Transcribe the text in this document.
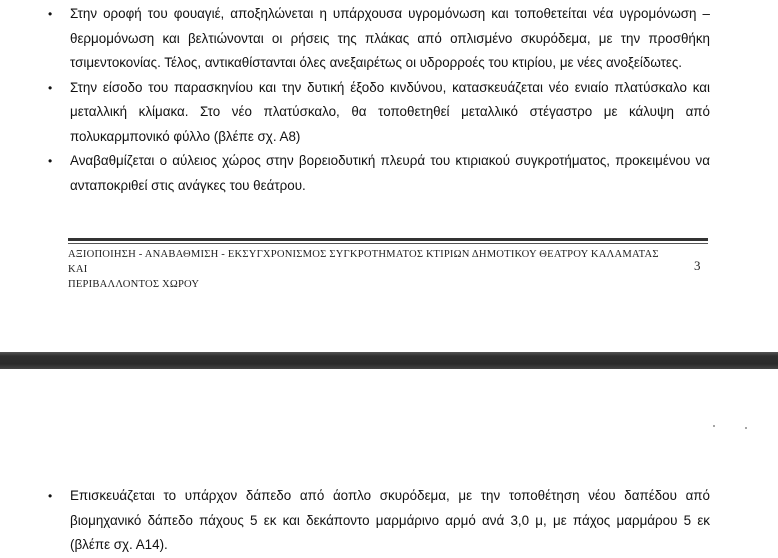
•	Στην οροφή του φουαγιέ, αποξηλώνεται η υπάρχουσα υγρομόνωση και τοποθετείται νέα υγρομόνωση – θερμομόνωση και βελτιώνονται οι ρήσεις της πλάκας από οπλισμένο σκυρόδεμα, με την προσθήκη τσιμεντοκονίας. Τέλος, αντικαθίστανται όλες ανεξαιρέτως οι υδρορροές του κτιρίου, με νέες ανοξείδωτες.
•	Στην είσοδο του παρασκηνίου και την δυτική έξοδο κινδύνου, κατασκευάζεται νέο ενιαίο πλατύσκαλο και μεταλλική κλίμακα. Στο νέο πλατύσκαλο, θα τοποθετηθεί μεταλλικό στέγαστρο με κάλυψη από πολυκαρμπονικό φύλλο (βλέπε σχ. Α8)
•	Αναβαθμίζεται ο αύλειος χώρος στην βορειοδυτική πλευρά του κτιριακού συγκροτήματος, προκειμένου να ανταποκριθεί στις ανάγκες του θεάτρου.
ΑΞΙΟΠΟΙΗΣΗ - ΑΝΑΒΑΘΜΙΣΗ - ΕΚΣΥΓΧΡΟΝΙΣΜΟΣ ΣΥΓΚΡΟΤΗΜΑΤΟΣ ΚΤΙΡΙΩΝ ΔΗΜΟΤΙΚΟΥ ΘΕΑΤΡΟΥ ΚΑΛΑΜΑΤΑΣ ΚΑΙ
ΠΕΡΙΒΑΛΛΟΝΤΟΣ ΧΩΡΟΥ
3
•	Επισκευάζεται το υπάρχον δάπεδο από άοπλο σκυρόδεμα, με την τοποθέτηση νέου δαπέδου από βιομηχανικό δάπεδο πάχους 5 εκ και δεκάποντο μαρμάρινο αρμό ανά 3,0 μ, με πάχος μαρμάρου 5 εκ (βλέπε σχ. Α14).
